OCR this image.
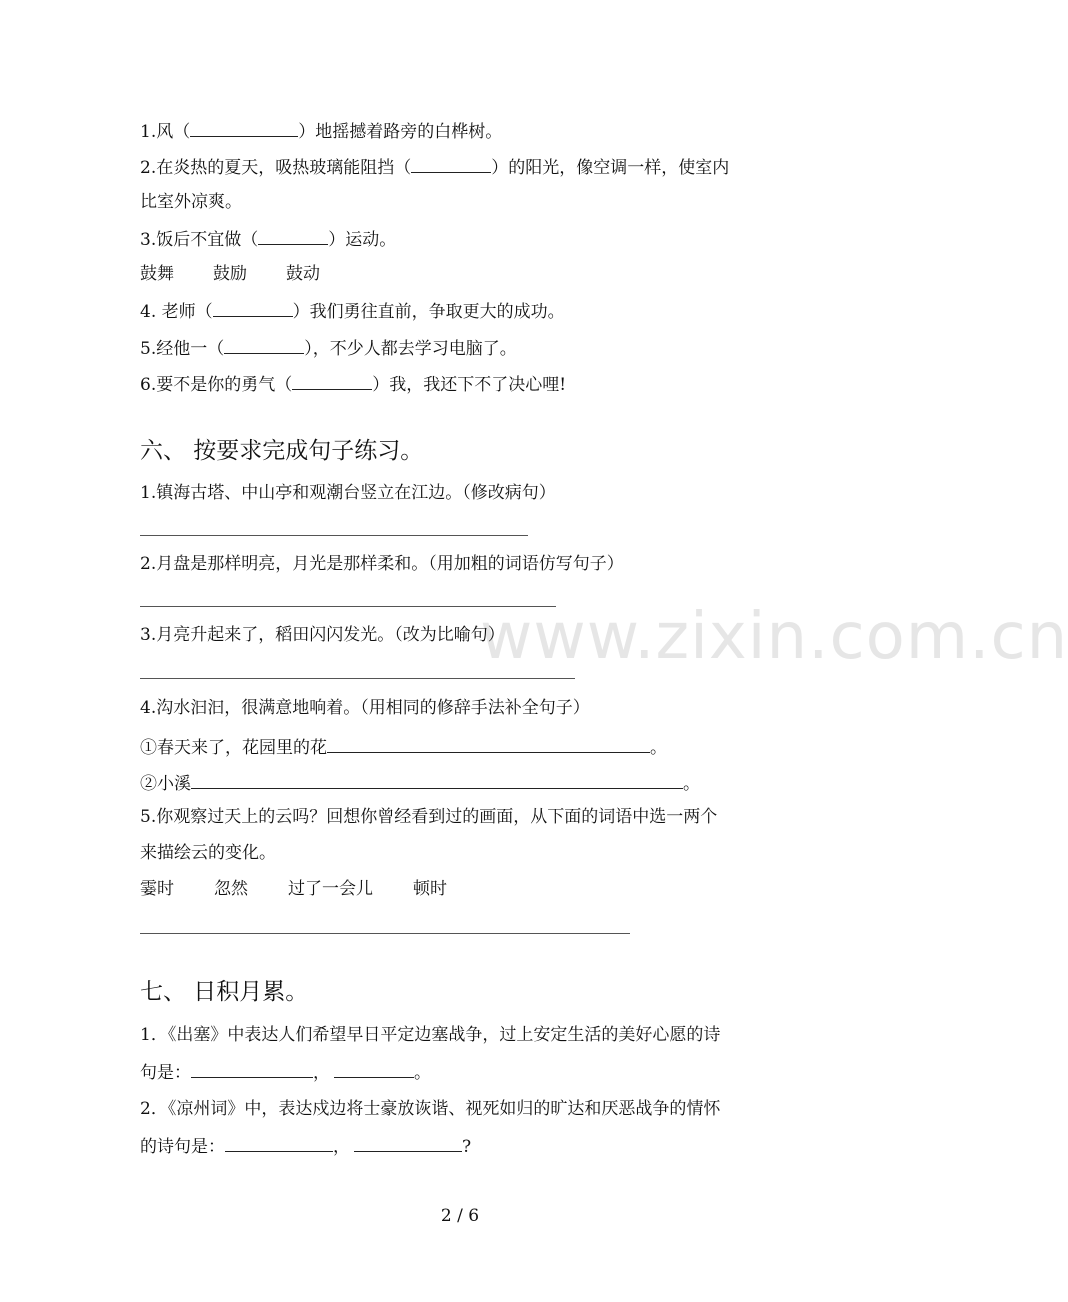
www.zixin.com.cn
1.风（	）地摇撼着路旁的白桦树。
2.在炎热的夏天，吸热玻璃能阻挡（	）的阳光，像空调一样，使室内
比室外凉爽。
3.饭后不宜做（	）运动。
鼓舞 鼓励 鼓动
4. 老师（	）我们勇往直前，争取更大的成功。
5.经他一（	），不少人都去学习电脑了。
6.要不是你的勇气（	）我，我还下不了决心哩!
六、 按要求完成句子练习。
1.镇海古塔、中山亭和观潮台竖立在江边。（修改病句）
2.月盘是那样明亮，月光是那样柔和。（用加粗的词语仿写句子）
3.月亮升起来了，稻田闪闪发光。（改为比喻句）
4.沟水汩汩，很满意地响着。（用相同的修辞手法补全句子）
①春天来了，花园里的花	。
②小溪	。
5.你观察过天上的云吗？回想你曾经看到过的画面，从下面的词语中选一两个
来描绘云的变化。
霎时 忽然 过了一会儿 顿时
七、 日积月累。
1．《出塞》中表达人们希望早日平定边塞战争，过上安定生活的美好心愿的诗
句是：	，	。
2．《凉州词》中，表达戍边将士豪放诙谐、视死如归的旷达和厌恶战争的情怀
的诗句是：	，	?
2 / 6
